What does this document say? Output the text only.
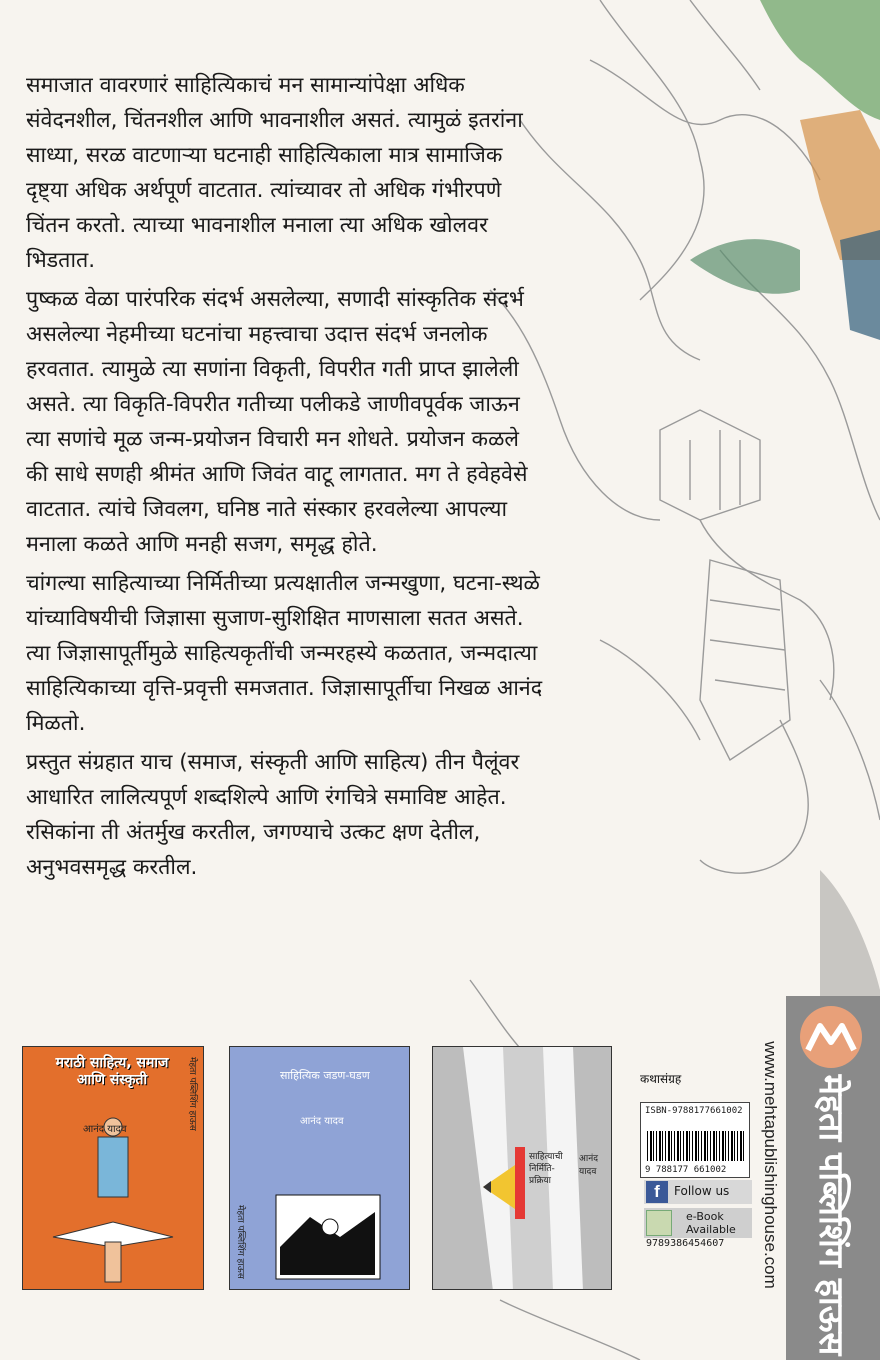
समाजात वावरणारं साहित्यिकाचं मन सामान्यांपेक्षा अधिक संवेदनशील, चिंतनशील आणि भावनाशील असतं. त्यामुळं इतरांना साध्या, सरळ वाटणाऱ्या घटनाही साहित्यिकाला मात्र सामाजिक दृष्ट्या अधिक अर्थपूर्ण वाटतात. त्यांच्यावर तो अधिक गंभीरपणे चिंतन करतो. त्याच्या भावनाशील मनाला त्या अधिक खोलवर भिडतात.

पुष्कळ वेळा पारंपरिक संदर्भ असलेल्या, सणादी सांस्कृतिक संदर्भ असलेल्या नेहमीच्या घटनांचा महत्त्वाचा उदात्त संदर्भ जनलोक हरवतात. त्यामुळे त्या सणांना विकृती, विपरीत गती प्राप्त झालेली असते. त्या विकृति-विपरीत गतीच्या पलीकडे जाणीवपूर्वक जाऊन त्या सणांचे मूळ जन्म-प्रयोजन विचारी मन शोधते. प्रयोजन कळले की साधे सणही श्रीमंत आणि जिवंत वाटू लागतात. मग ते हवेहवेसे वाटतात. त्यांचे जिवलग, घनिष्ठ नाते संस्कार हरवलेल्या आपल्या मनाला कळते आणि मनही सजग, समृद्ध होते.

चांगल्या साहित्याच्या निर्मितीच्या प्रत्यक्षातील जन्मखुणा, घटना-स्थळे यांच्याविषयीची जिज्ञासा सुजाण-सुशिक्षित माणसाला सतत असते. त्या जिज्ञासापूर्तीमुळे साहित्यकृतींची जन्मरहस्ये कळतात, जन्मदात्या साहित्यिकाच्या वृत्ति-प्रवृत्ती समजतात. जिज्ञासापूर्तीचा निखळ आनंद मिळतो.

प्रस्तुत संग्रहात याच (समाज, संस्कृती आणि साहित्य) तीन पैलूंवर आधारित लालित्यपूर्ण शब्दशिल्पे आणि रंगचित्रे समाविष्ट आहेत. रसिकांना ती अंतर्मुख करतील, जगण्याचे उत्कट क्षण देतील, अनुभवसमृद्ध करतील.

मराठी साहित्य, समाज आणि संस्कृती
आनंद यादव	मेहता पब्लिशिंग हाऊस	साहित्यिक जडण-घडण
आनंद यादव
मेहता पब्लिशिंग हाऊस
साहित्याची निर्मिति-प्रक्रिया
आनंद यादव
कथासंग्रह
ISBN-9788177661002
9 788177 661002
f	Follow us
e-Book Available
9789386454607 www.mehtapublishinghouse.com मेहता पब्लिशिंग हाऊस
